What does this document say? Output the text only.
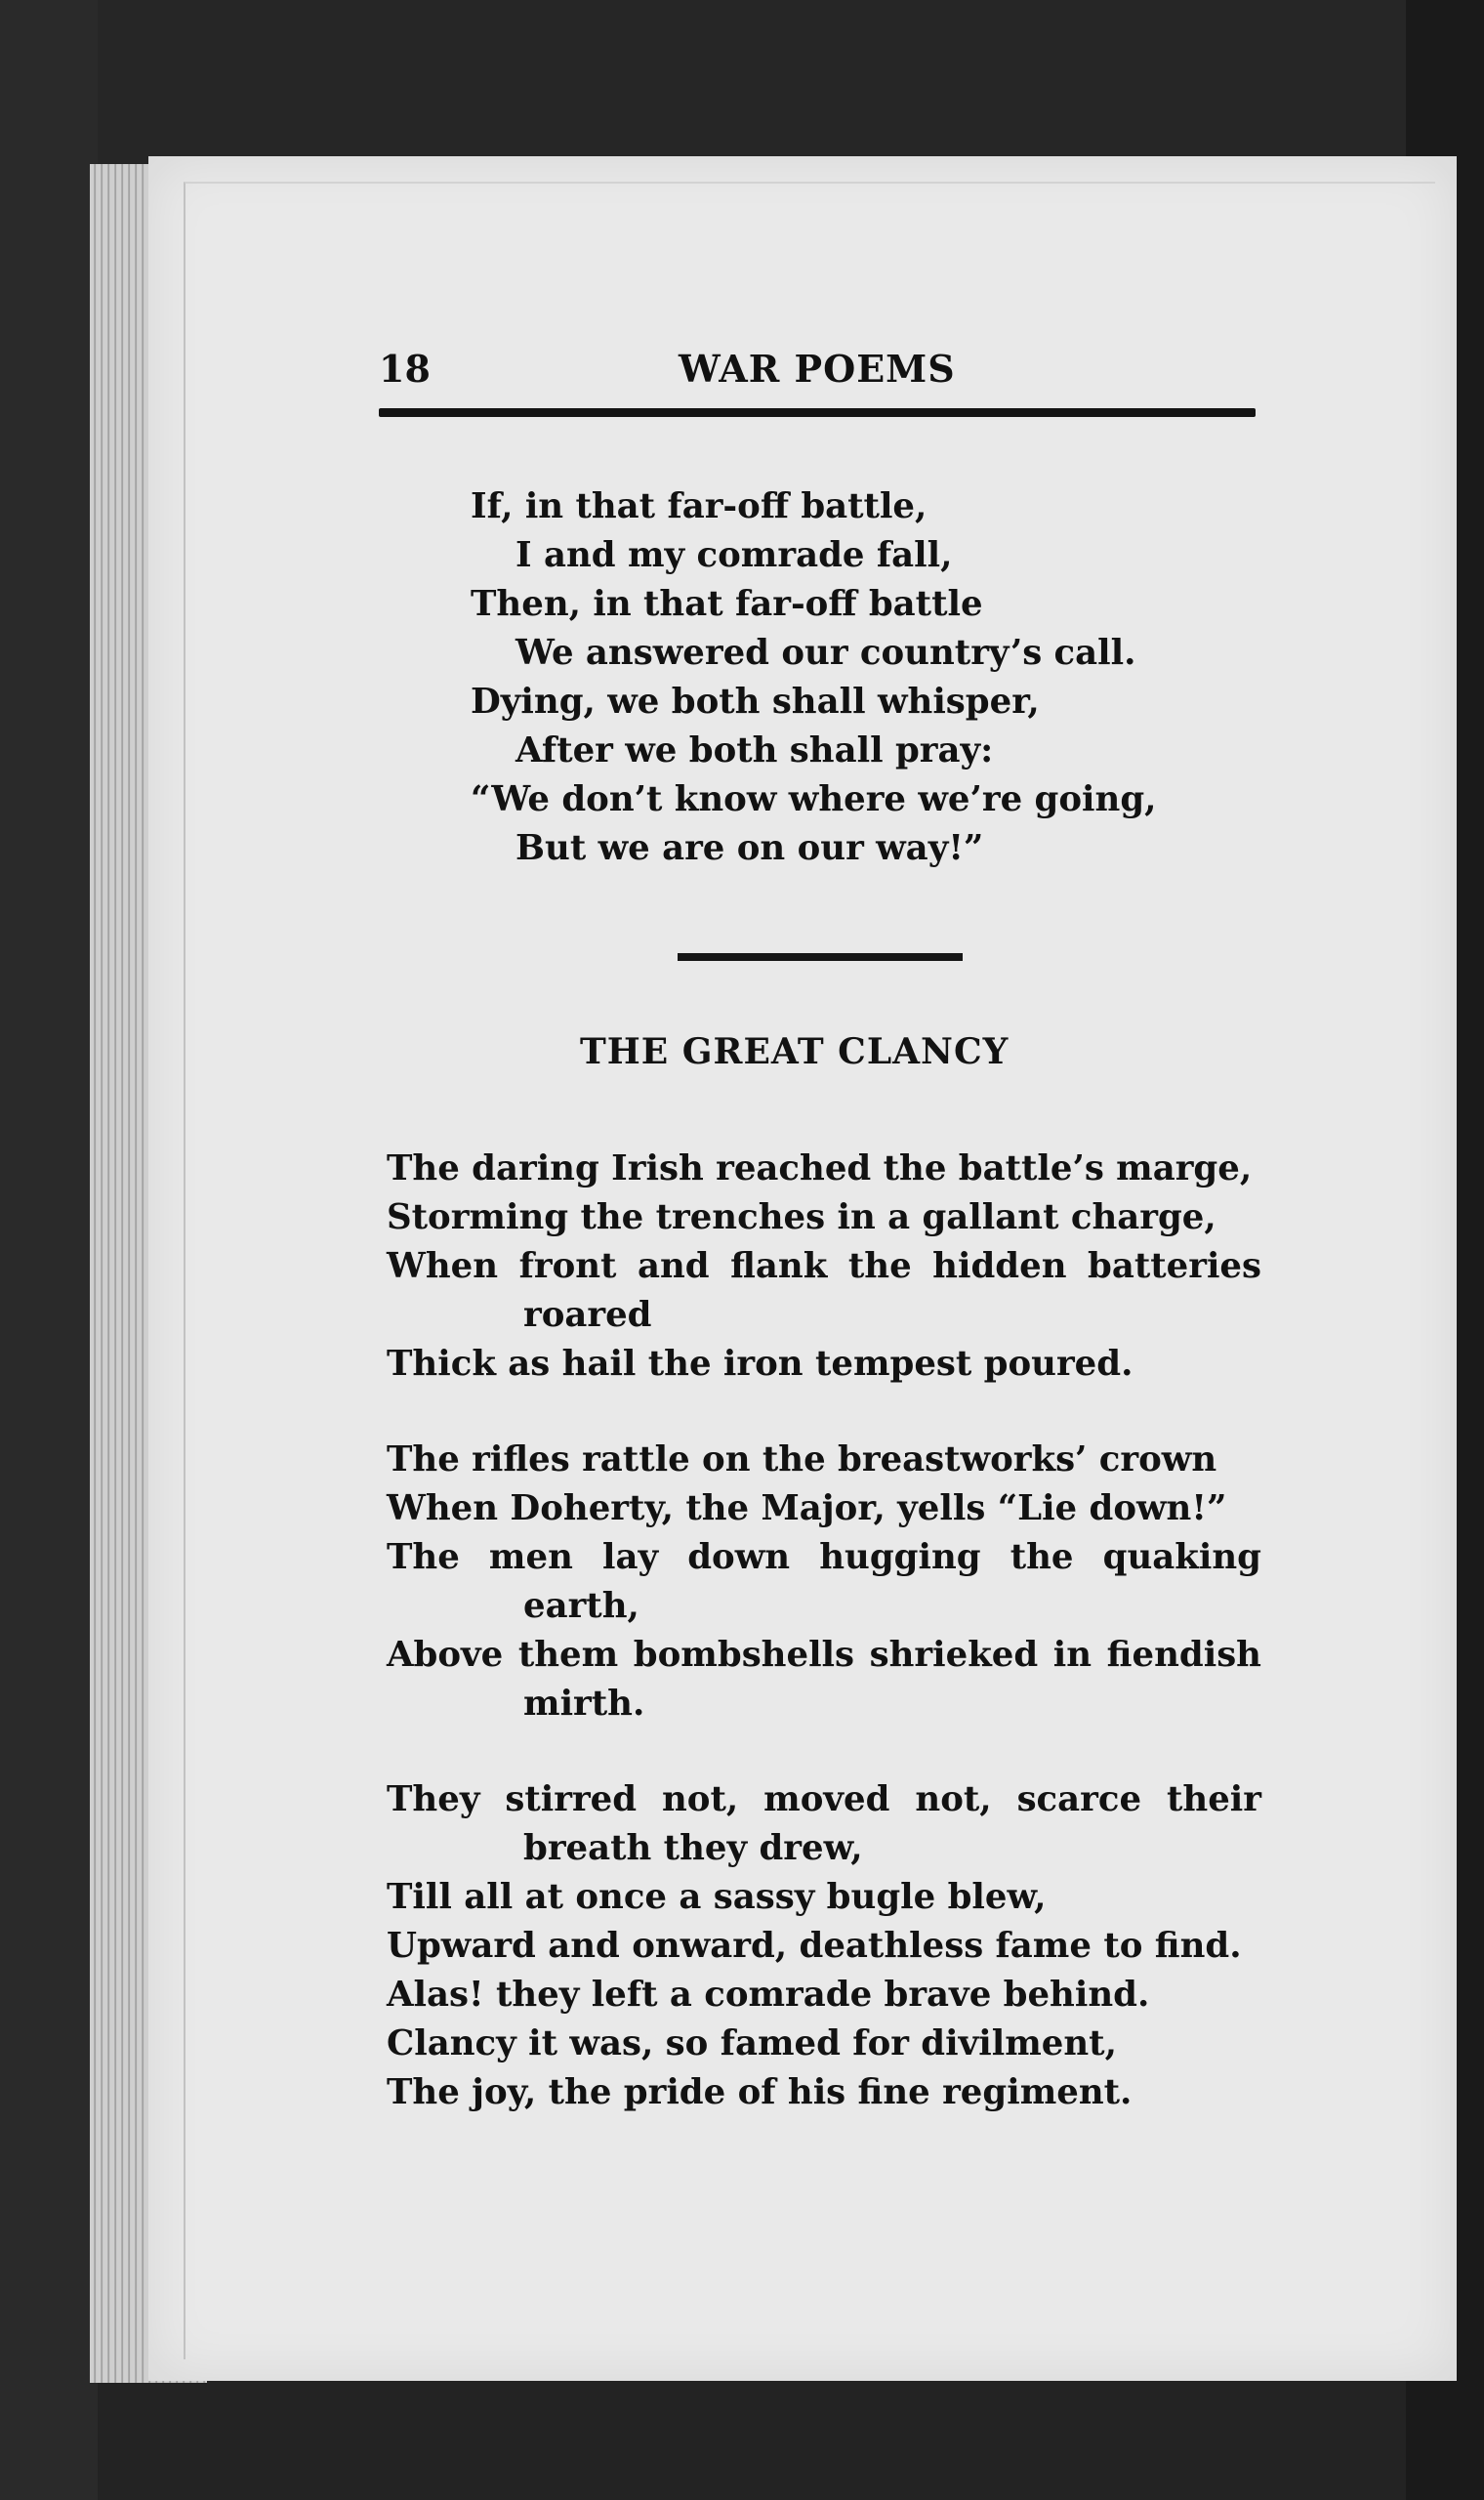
18	WAR POEMS
If, in that far-off battle,
I and my comrade fall,
Then, in that far-off battle
We answered our country’s call.
Dying, we both shall whisper,
After we both shall pray:
“We don’t know where we’re going,
But we are on our way!”
THE GREAT CLANCY
The daring Irish reached the battle’s marge,
Storming the trenches in a gallant charge,
When front and flank the hidden batteries
roared
Thick as hail the iron tempest poured.
The rifles rattle on the breastworks’ crown
When Doherty, the Major, yells “Lie down!”
The men lay down hugging the quaking
earth,
Above them bombshells shrieked in fiendish
mirth.
They stirred not, moved not, scarce their
breath they drew,
Till all at once a sassy bugle blew,
Upward and onward, deathless fame to find.
Alas! they left a comrade brave behind.
Clancy it was, so famed for divilment,
The joy, the pride of his fine regiment.
